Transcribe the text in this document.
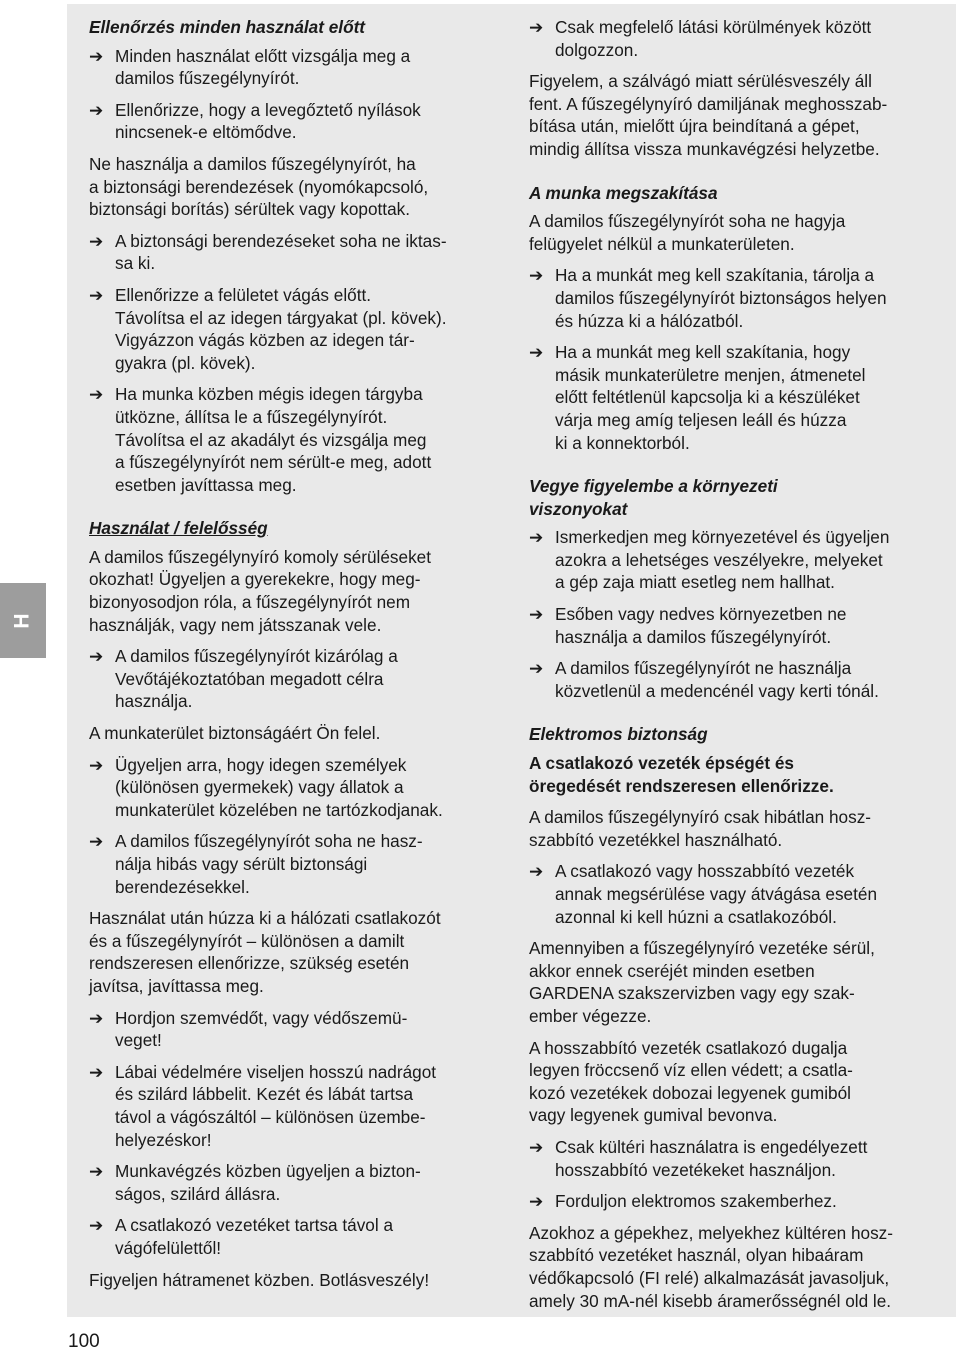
H
100
Ellenőrzés minden használat előtt
➔ Minden használat előtt vizsgálja meg a
damilos fűszegélynyírót.
➔ Ellenőrizze, hogy a levegőztető nyílások
nincsenek-e eltömődve.
Ne használja a damilos fűszegélynyírót, ha
a biztonsági berendezések (nyomókapcsoló,
biztonsági borítás) sérültek vagy kopottak.
➔ A biztonsági berendezéseket soha ne iktas-
sa ki.
➔ Ellenőrizze a felületet vágás előtt.
Távolítsa el az idegen tárgyakat (pl. kövek).
Vigyázzon vágás közben az idegen tár-
gyakra (pl. kövek).
➔ Ha munka közben mégis idegen tárgyba
ütközne, állítsa le a fűszegélynyírót.
Távolítsa el az akadályt és vizsgálja meg
a fűszegélynyírót nem sérült-e meg, adott
esetben javíttassa meg.
Használat / felelősség
A damilos fűszegélynyíró komoly sérüléseket
okozhat! Ügyeljen a gyerekekre, hogy meg-
bizonyosodjon róla, a fűszegélynyírót nem
használják, vagy nem játsszanak vele.
➔ A damilos fűszegélynyírót kizárólag a
Vevőtájékoztatóban megadott célra
használja.
A munkaterület biztonságáért Ön felel.
➔ Ügyeljen arra, hogy idegen személyek
(különösen gyermekek) vagy állatok a
munkaterület közelében ne tartózkodjanak.
➔ A damilos fűszegélynyírót soha ne hasz-
nálja hibás vagy sérült biztonsági
berendezésekkel.
Használat után húzza ki a hálózati csatlakozót
és a fűszegélynyírót – különösen a damilt
rendszeresen ellenőrizze, szükség esetén
javítsa, javíttassa meg.
➔ Hordjon szemvédőt, vagy védőszemü-
veget!
➔ Lábai védelmére viseljen hosszú nadrágot
és szilárd lábbelit. Kezét és lábát tartsa
távol a vágószáltól – különösen üzembe-
helyezéskor!
➔ Munkavégzés közben ügyeljen a bizton-
ságos, szilárd állásra.
➔ A csatlakozó vezetéket tartsa távol a
vágófelülettől!
Figyeljen hátramenet közben. Botlásveszély!
➔ Csak megfelelő látási körülmények között
dolgozzon.
Figyelem, a szálvágó miatt sérülésveszély áll
fent. A fűszegélynyíró damiljának meghosszab-
bítása után, mielőtt újra beindítaná a gépet,
mindig állítsa vissza munkavégzési helyzetbe.
A munka megszakítása
A damilos fűszegélynyírót soha ne hagyja
felügyelet nélkül a munkaterületen.
➔ Ha a munkát meg kell szakítania, tárolja a
damilos fűszegélynyírót biztonságos helyen
és húzza ki a hálózatból.
➔ Ha a munkát meg kell szakítania, hogy
másik munkaterületre menjen, átmenetel
előtt feltétlenül kapcsolja ki a készüléket
várja meg amíg teljesen leáll és húzza
ki a konnektorból.
Vegye figyelembe a környezeti
viszonyokat
➔ Ismerkedjen meg környezetével és ügyeljen
azokra a lehetséges veszélyekre, melyeket
a gép zaja miatt esetleg nem hallhat.
➔ Esőben vagy nedves környezetben ne
használja a damilos fűszegélynyírót.
➔ A damilos fűszegélynyírót ne használja
közvetlenül a medencénél vagy kerti tónál.
Elektromos biztonság
A csatlakozó vezeték épségét és
öregedését rendszeresen ellenőrizze.
A damilos fűszegélynyíró csak hibátlan hosz-
szabbító vezetékkel használható.
➔ A csatlakozó vagy hosszabbító vezeték
annak megsérülése vagy átvágása esetén
azonnal ki kell húzni a csatlakozóból.
Amennyiben a fűszegélynyíró vezetéke sérül,
akkor ennek cseréjét minden esetben
GARDENA szakszervizben vagy egy szak-
ember végezze.
A hosszabbító vezeték csatlakozó dugalja
legyen fröccsenő víz ellen védett; a csatla-
kozó vezetékek dobozai legyenek gumiból
vagy legyenek gumival bevonva.
➔ Csak kültéri használatra is engedélyezett
hosszabbító vezetékeket használjon.
➔ Forduljon elektromos szakemberhez.
Azokhoz a gépekhez, melyekhez kültéren hosz-
szabbító vezetéket használ, olyan hibaáram
védőkapcsoló (FI relé) alkalmazását javasoljuk,
amely 30 mA-nél kisebb áramerősségnél old le.
